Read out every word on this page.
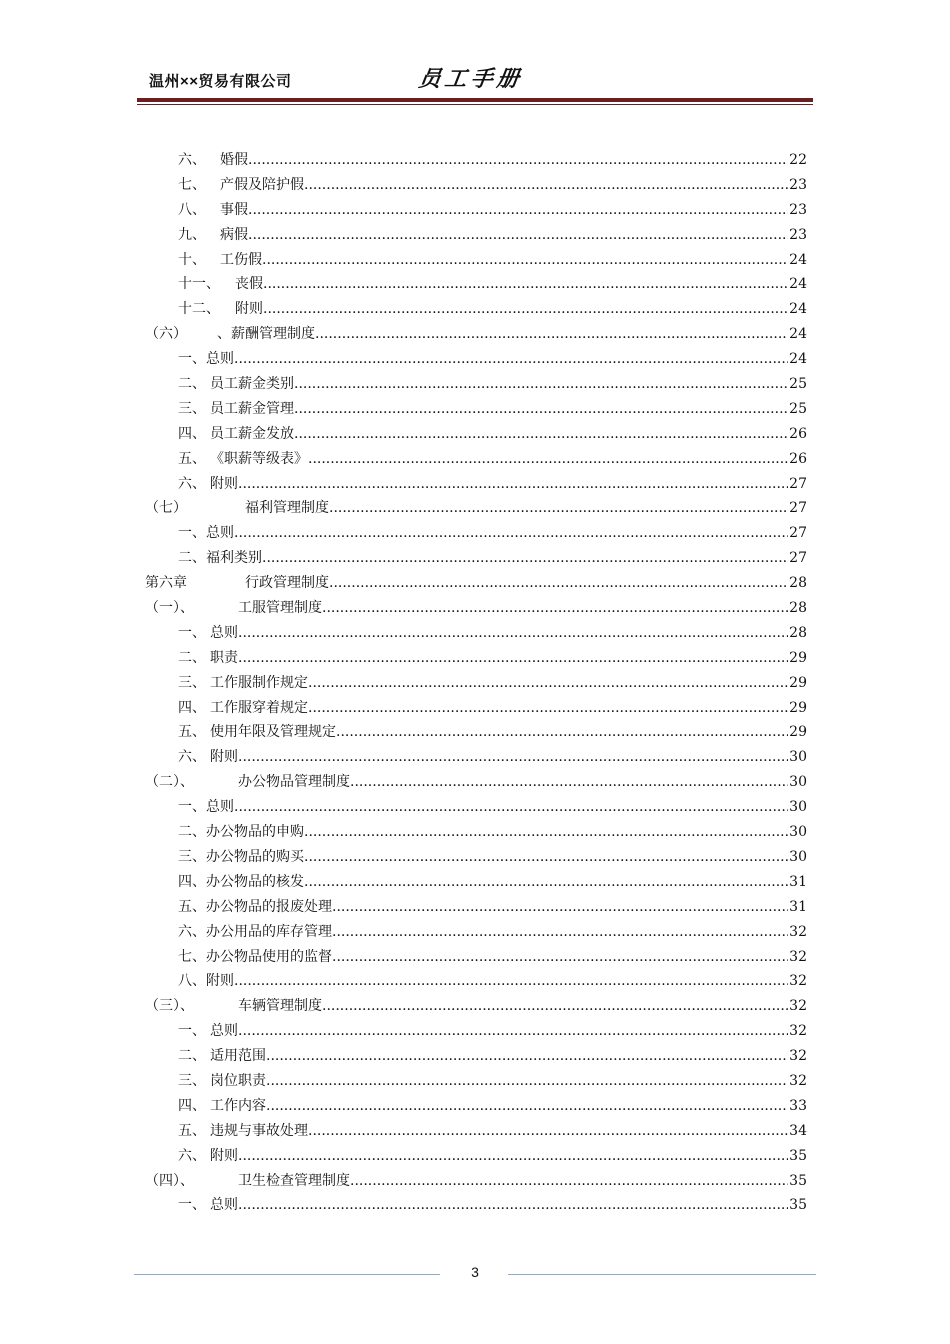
温州××贸易有限公司	员工手册
六、 婚假 .....	22
七、 产假及陪护假 .....	23
八、 事假 .....	23
九、 病假 .....	23
十、 工伤假 .....	24
十一、 丧假 .....	24
十二、 附则 .....	24
（六） 、薪酬管理制度 .....	24
一、 总则 .....	24
二、 员工薪金类别 .....	25
三、 员工薪金管理 .....	25
四、 员工薪金发放 .....	26
五、 《职薪等级表》 .....	26
六、 附则 .....	27
（七）	福利管理制度 .....	27
一、 总则 .....	27
二、 福利类别 .....	27
第六章	行政管理制度 .....	28
（一）、	工服管理制度 .....	28
一、 总则 .....	28
二、 职责 .....	29
三、 工作服制作规定 .....	29
四、 工作服穿着规定 .....	29
五、 使用年限及管理规定 .....	29
六、 附则 .....	30
（二）、	办公物品管理制度 .....	30
一、 总则 .....	30
二、 办公物品的申购 .....	30
三、 办公物品的购买 .....	30
四、 办公物品的核发 .....	31
五、 办公物品的报废处理 .....	31
六、 办公用品的库存管理 .....	32
七、 办公物品使用的监督 .....	32
八、 附则 .....	32
（三）、	车辆管理制度 .....	32
一、 总则 .....	32
二、 适用范围 .....	32
三、 岗位职责 .....	32
四、 工作内容 .....	33
五、 违规与事故处理 .....	34
六、 附则 .....	35
（四）、	卫生检查管理制度 .....	35
一、 总则 .....	35
3
